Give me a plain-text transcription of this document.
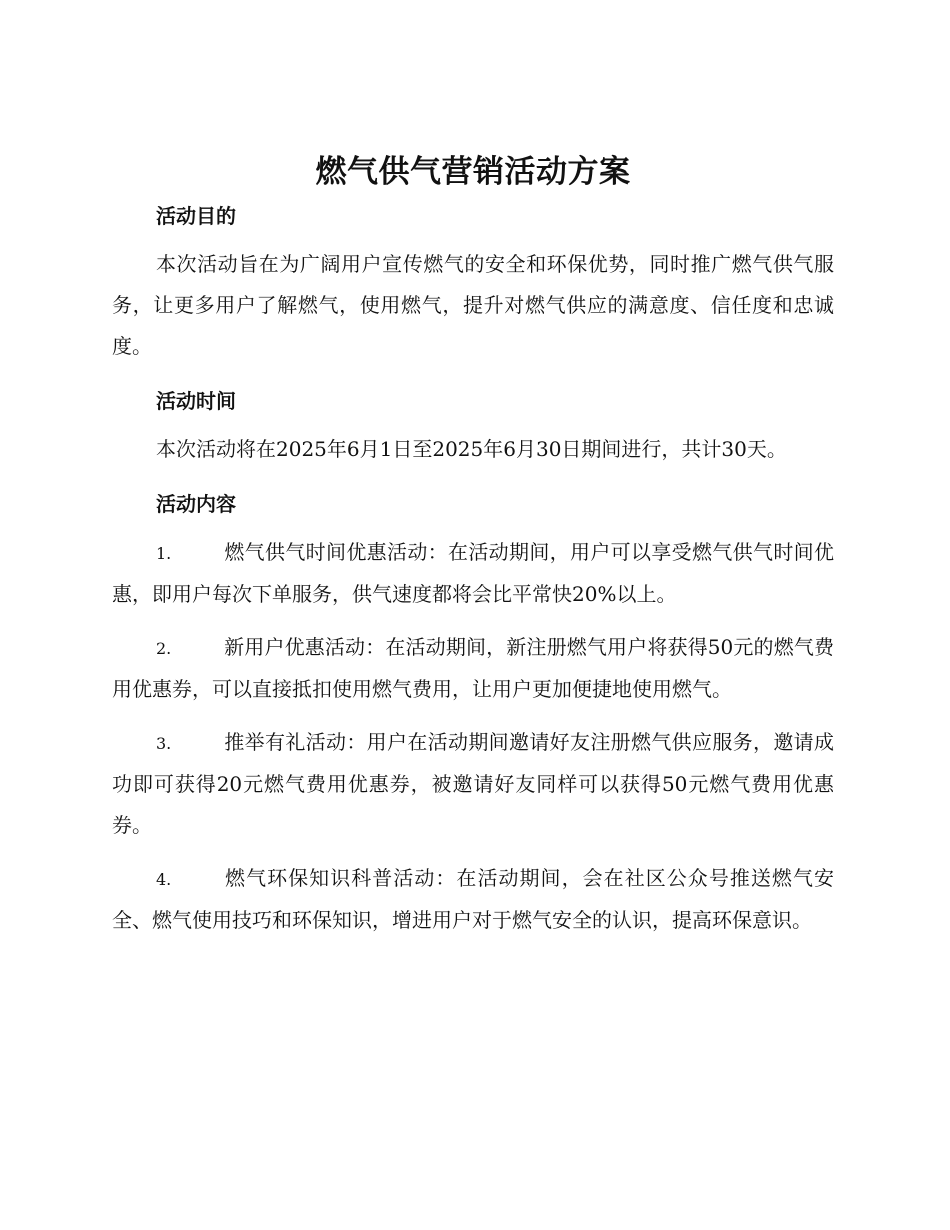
燃气供气营销活动方案
活动目的

本次活动旨在为广阔用户宣传燃气的安全和环保优势，同时推广燃气供气服务，让更多用户了解燃气，使用燃气，提升对燃气供应的满意度、信任度和忠诚度。

活动时间

本次活动将在2025年6月1日至2025年6月30日期间进行，共计30天。

活动内容

1.	燃气供气时间优惠活动：在活动期间，用户可以享受燃气供气时间优惠，即用户每次下单服务，供气速度都将会比平常快20%以上。

2.	新用户优惠活动：在活动期间，新注册燃气用户将获得50元的燃气费用优惠券，可以直接抵扣使用燃气费用，让用户更加便捷地使用燃气。

3.	推举有礼活动：用户在活动期间邀请好友注册燃气供应服务，邀请成功即可获得20元燃气费用优惠券，被邀请好友同样可以获得50元燃气费用优惠券。

4.	燃气环保知识科普活动：在活动期间，会在社区公众号推送燃气安全、燃气使用技巧和环保知识，增进用户对于燃气安全的认识，提高环保意识。
